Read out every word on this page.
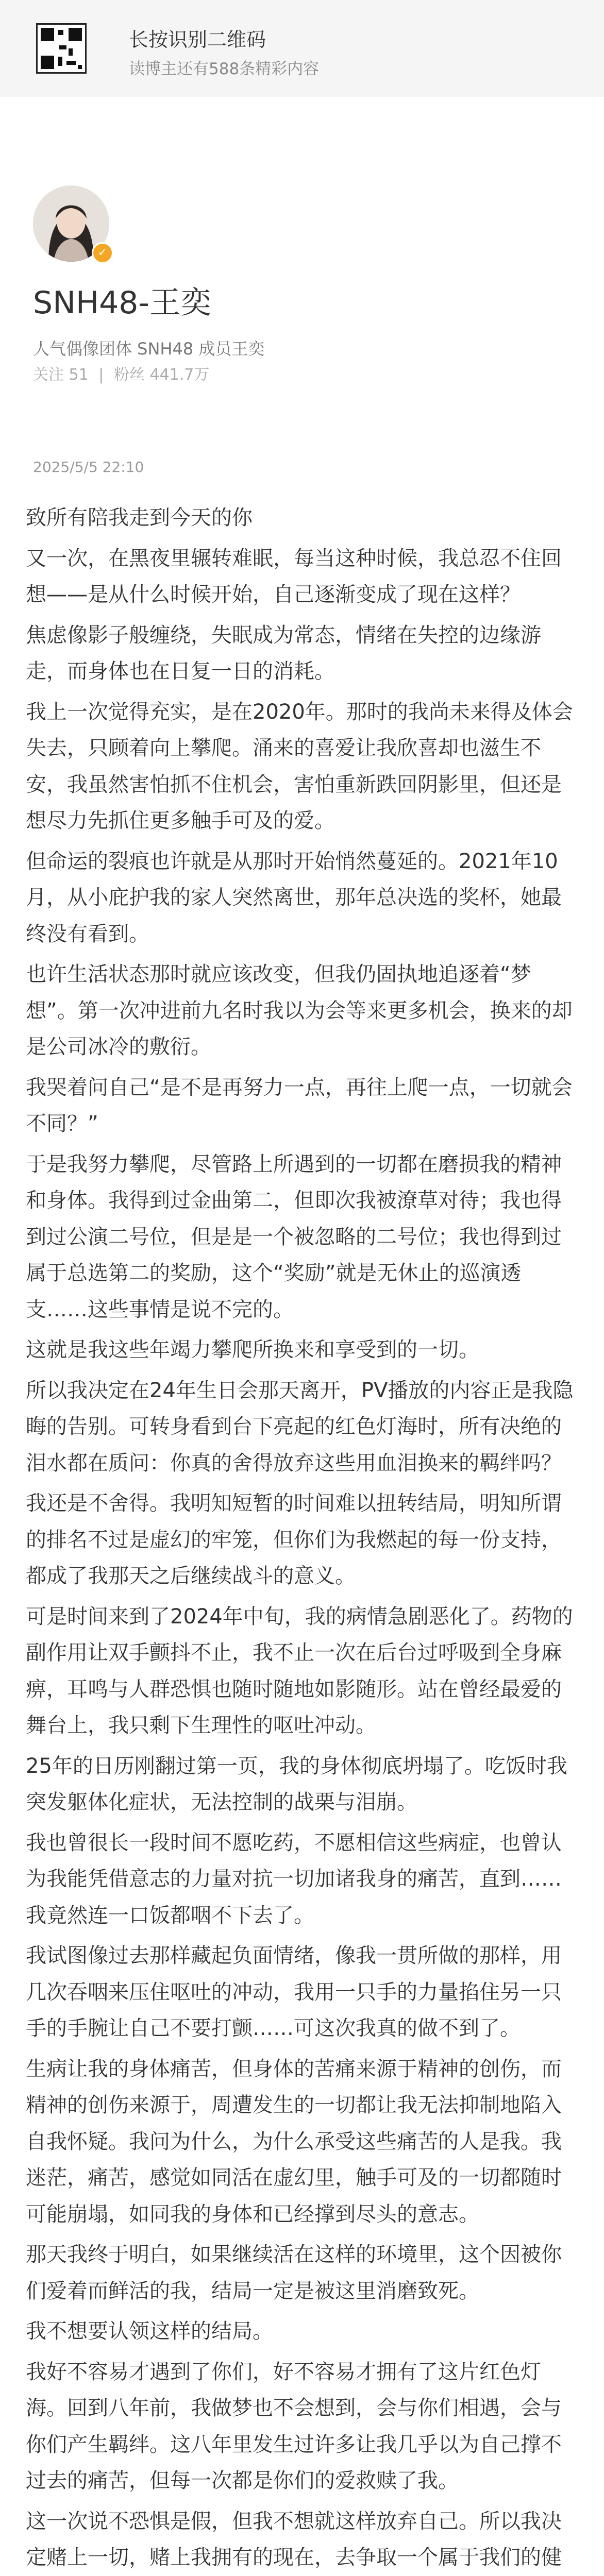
长按识别二维码
读博主还有588条精彩内容
✓
SNH48-王奕
人气偶像团体 SNH48 成员王奕
关注 51 | 粉丝 441.7万
2025/5/5 22:10

致所有陪我走到今天的你

又一次，在黑夜里辗转难眠，每当这种时候，我总忍不住回想——是从什么时候开始，自己逐渐变成了现在这样？

焦虑像影子般缠绕，失眠成为常态，情绪在失控的边缘游走，而身体也在日复一日的消耗。

我上一次觉得充实，是在2020年。那时的我尚未来得及体会失去，只顾着向上攀爬。涌来的喜爱让我欣喜却也滋生不安，我虽然害怕抓不住机会，害怕重新跌回阴影里，但还是想尽力先抓住更多触手可及的爱。

但命运的裂痕也许就是从那时开始悄然蔓延的。2021年10月，从小庇护我的家人突然离世，那年总决选的奖杯，她最终没有看到。

也许生活状态那时就应该改变，但我仍固执地追逐着“梦想”。第一次冲进前九名时我以为会等来更多机会，换来的却是公司冰冷的敷衍。

我哭着问自己“是不是再努力一点，再往上爬一点，一切就会不同？”

于是我努力攀爬，尽管路上所遇到的一切都在磨损我的精神和身体。我得到过金曲第二，但即次我被潦草对待；我也得到过公演二号位，但是是一个被忽略的二号位；我也得到过属于总选第二的奖励，这个“奖励”就是无休止的巡演透支……这些事情是说不完的。

这就是我这些年竭力攀爬所换来和享受到的一切。

所以我决定在24年生日会那天离开，PV播放的内容正是我隐晦的告别。可转身看到台下亮起的红色灯海时，所有决绝的泪水都在质问：你真的舍得放弃这些用血泪换来的羁绊吗？

我还是不舍得。我明知短暂的时间难以扭转结局，明知所谓的排名不过是虚幻的牢笼，但你们为我燃起的每一份支持，都成了我那天之后继续战斗的意义。

可是时间来到了2024年中旬，我的病情急剧恶化了。药物的副作用让双手颤抖不止，我不止一次在后台过呼吸到全身麻痹，耳鸣与人群恐惧也随时随地如影随形。站在曾经最爱的舞台上，我只剩下生理性的呕吐冲动。

25年的日历刚翻过第一页，我的身体彻底坍塌了。吃饭时我突发躯体化症状，无法控制的战栗与泪崩。

我也曾很长一段时间不愿吃药，不愿相信这些病症，也曾认为我能凭借意志的力量对抗一切加诸我身的痛苦，直到……我竟然连一口饭都咽不下去了。

我试图像过去那样藏起负面情绪，像我一贯所做的那样，用几次吞咽来压住呕吐的冲动，我用一只手的力量掐住另一只手的手腕让自己不要打颤……可这次我真的做不到了。

生病让我的身体痛苦，但身体的苦痛来源于精神的创伤，而精神的创伤来源于，周遭发生的一切都让我无法抑制地陷入自我怀疑。我问为什么，为什么承受这些痛苦的人是我。我迷茫，痛苦，感觉如同活在虚幻里，触手可及的一切都随时可能崩塌，如同我的身体和已经撑到尽头的意志。

那天我终于明白，如果继续活在这样的环境里，这个因被你们爱着而鲜活的我，结局一定是被这里消磨致死。

我不想要认领这样的结局。

我好不容易才遇到了你们，好不容易才拥有了这片红色灯海。回到八年前，我做梦也不会想到，会与你们相遇，会与你们产生羁绊。这八年里发生过许多让我几乎以为自己撑不过去的痛苦，但每一次都是你们的爱救赎了我。

这一次说不恐惧是假，但我不想就这样放弃自己。所以我决定赌上一切，赌上我拥有的现在，去争取一个属于我们的健
